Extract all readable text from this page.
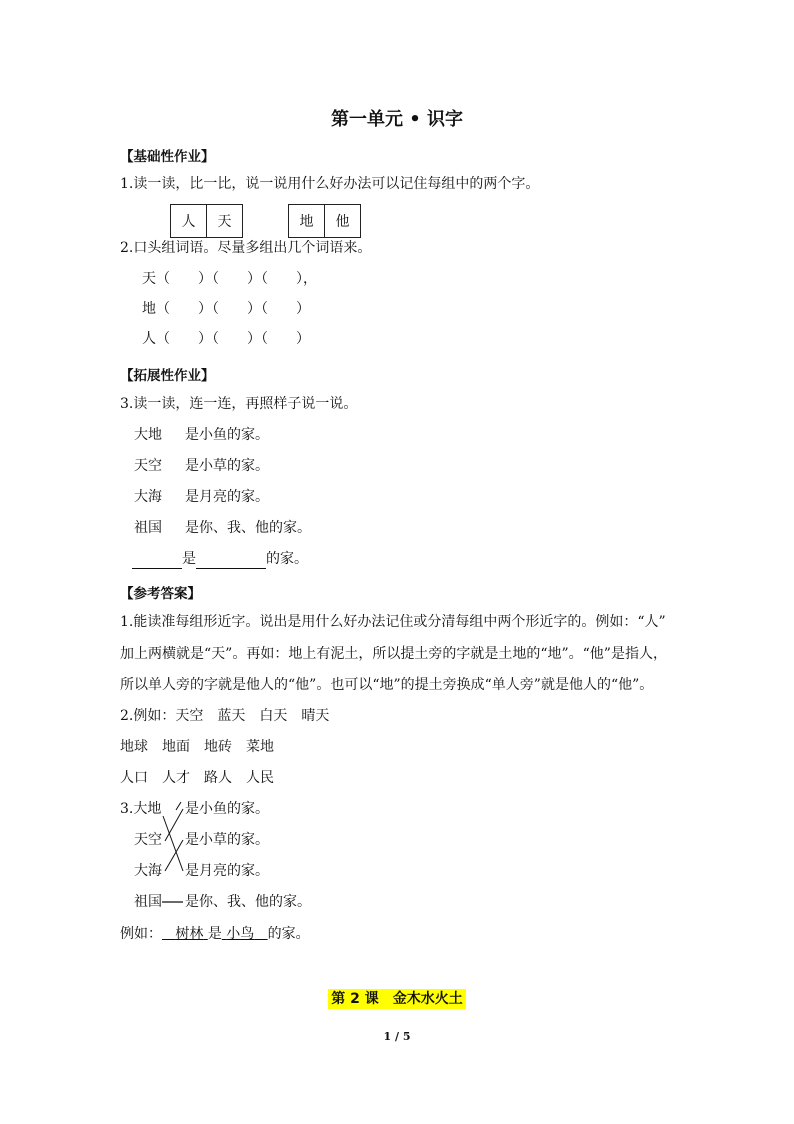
第一单元 • 识字
【基础性作业】
1.读一读，比一比，说一说用什么好办法可以记住每组中的两个字。
人	天	地	他
2.口头组词语。尽量多组出几个词语来。
天（　　）（　　）（　　），
地（　　）（　　）（　　）
人（　　）（　　）（　　）
【拓展性作业】
3.读一读，连一连，再照样子说一说。
大地 是小鱼的家。
天空 是小草的家。
大海 是月亮的家。
祖国 是你、我、他的家。
是	的家。
【参考答案】
1.能读准每组形近字。说出是用什么好办法记住或分清每组中两个形近字的。例如：“人”
加上两横就是“天”。再如：地上有泥土，所以提土旁的字就是土地的“地”。“他”是指人，
所以单人旁的字就是他人的“他”。也可以“地”的提土旁换成“单人旁”就是他人的“他”。
2.例如：天空　蓝天　白天　晴天
地球　地面　地砖　菜地
人口　人才　路人　人民
3.大地 是小鱼的家。
天空 是小草的家。
大海 是月亮的家。
祖国 是你、我、他的家。
例如： 树林 是 小鸟 的家。
第 2 课　金木水火土
1 / 5
